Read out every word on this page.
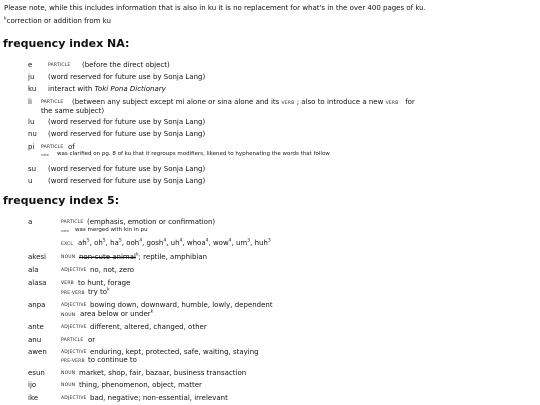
Please note, while this includes information that is also in ku it is no replacement for what's in the over 400 pages of ku.
$^k$correction or addition from ku
frequency index NA:
e	PARTICLE (before the direct object)
ju (word reserved for future use by Sonja Lang)
ku interact with Toki Pona Dictionary
li PARTICLE (between any subject except mi alone or sina alone and its VERB ; also to introduce a new VERB for
the same subject)
lu (word reserved for future use by Sonja Lang)
nu (word reserved for future use by Sonja Lang)
pi PARTICLE of
note was clarified on pg. 8 of ku that it regroups modifiers, likened to hyphenating the words that follow
su (word reserved for future use by Sonja Lang)
u (word reserved for future use by Sonja Lang)
frequency index 5:
a	PARTICLE (emphasis, emotion or confirmation)
note was merged with kin in pu
EXCL $ah^5$, $oh^5$, $ha^5$, ooh$^4$, gosh$^4$, $uh^4$, whoa$^4$, wow$^4$, $um^3$, huh$^3$
akesi	NOUN non-cute animal$^k$; reptile, amphibian
ala	ADJECTIVE no, not, zero
alasa	VERB to hunt, forage
PRE-VERB try $to^k$
anpa	ADJECTIVE bowing down, downward, humble, lowly, dependent
NOUN area below or under$^k$
ante	ADJECTIVE different, altered, changed, other
anu	PARTICLE or
awen	ADJECTIVE enduring, kept, protected, safe, waiting, staying
PRE-VERB to continue to
esun	NOUN market, shop, fair, bazaar, business transaction
ijo	NOUN thing, phenomenon, object, matter
ike	ADJECTIVE bad, negative; non-essential, irrelevant
